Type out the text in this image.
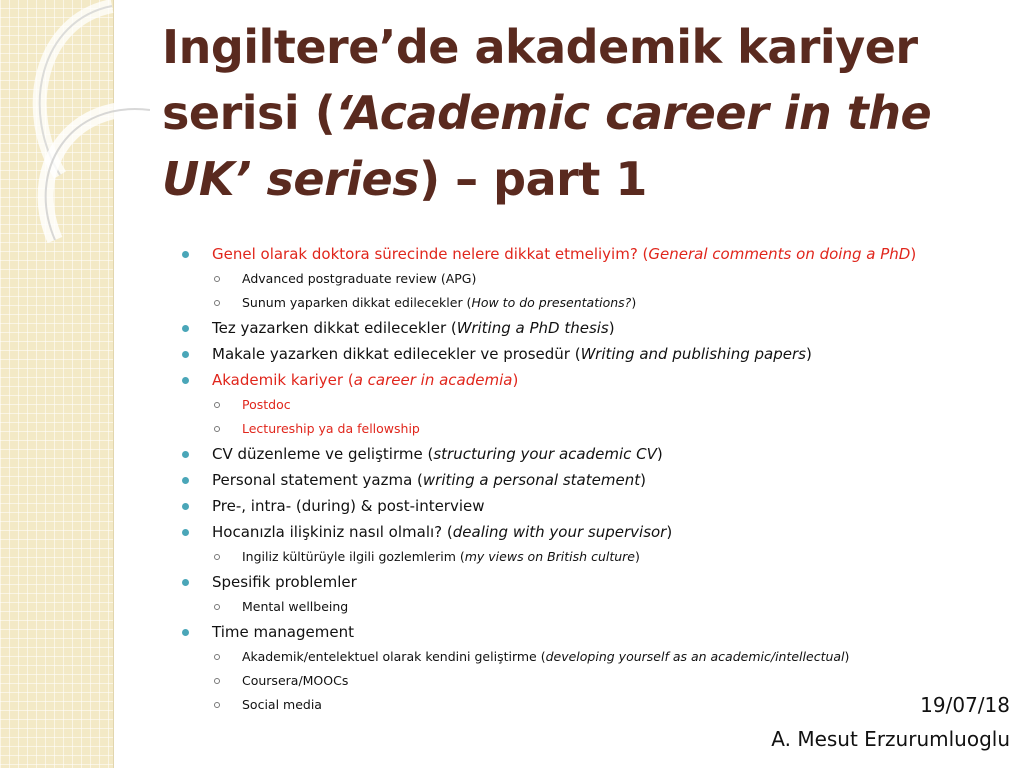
Ingiltere’de akademik kariyer serisi (‘Academic career in the UK’ series) – part 1
Genel olarak doktora sürecinde nelere dikkat etmeliyim? (General comments on doing a PhD)
Advanced postgraduate review (APG)
Sunum yaparken dikkat edilecekler (How to do presentations?)
Tez yazarken dikkat edilecekler (Writing a PhD thesis)
Makale yazarken dikkat edilecekler ve prosedür (Writing and publishing papers)
Akademik kariyer (a career in academia)
Postdoc
Lectureship ya da fellowship
CV düzenleme ve geliştirme (structuring your academic CV)
Personal statement yazma (writing a personal statement)
Pre-, intra- (during) & post-interview
Hocanızla ilişkiniz nasıl olmalı? (dealing with your supervisor)
Ingiliz kültürüyle ilgili gozlemlerim (my views on British culture)
Spesifik problemler
Mental wellbeing
Time management
Akademik/entelektuel olarak kendini geliştirme (developing yourself as an academic/intellectual)
Coursera/MOOCs
Social media	19/07/18
A. Mesut Erzurumluoglu
